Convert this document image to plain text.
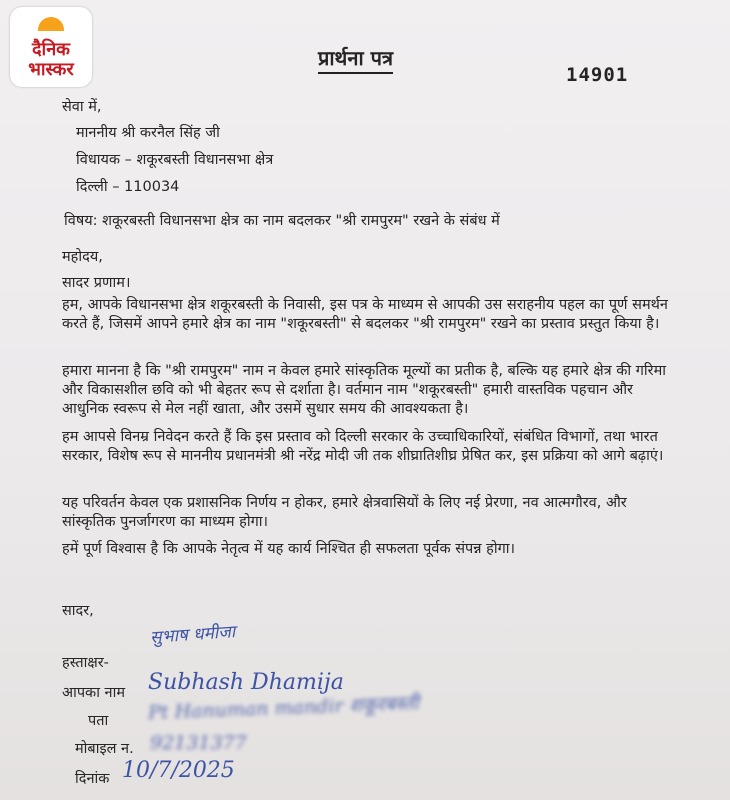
दैनिक
भास्कर	प्रार्थना पत्र
14901
सेवा में,
माननीय श्री करनैल सिंह जी
विधायक – शकूरबस्ती विधानसभा क्षेत्र
दिल्ली – 110034
विषय: शकूरबस्ती विधानसभा क्षेत्र का नाम बदलकर "श्री रामपुरम" रखने के संबंध में
महोदय,
सादर प्रणाम।
हम, आपके विधानसभा क्षेत्र शकूरबस्ती के निवासी, इस पत्र के माध्यम से आपकी उस सराहनीय पहल का पूर्ण समर्थन करते हैं, जिसमें आपने हमारे क्षेत्र का नाम "शकूरबस्ती" से बदलकर "श्री रामपुरम" रखने का प्रस्ताव प्रस्तुत किया है।
हमारा मानना है कि "श्री रामपुरम" नाम न केवल हमारे सांस्कृतिक मूल्यों का प्रतीक है, बल्कि यह हमारे क्षेत्र की गरिमा और विकासशील छवि को भी बेहतर रूप से दर्शाता है। वर्तमान नाम "शकूरबस्ती" हमारी वास्तविक पहचान और आधुनिक स्वरूप से मेल नहीं खाता, और उसमें सुधार समय की आवश्यकता है।
हम आपसे विनम्र निवेदन करते हैं कि इस प्रस्ताव को दिल्ली सरकार के उच्चाधिकारियों, संबंधित विभागों, तथा भारत सरकार, विशेष रूप से माननीय प्रधानमंत्री श्री नरेंद्र मोदी जी तक शीघ्रातिशीघ्र प्रेषित कर, इस प्रक्रिया को आगे बढ़ाएं।
यह परिवर्तन केवल एक प्रशासनिक निर्णय न होकर, हमारे क्षेत्रवासियों के लिए नई प्रेरणा, नव आत्मगौरव, और सांस्कृतिक पुनर्जागरण का माध्यम होगा।
हमें पूर्ण विश्वास है कि आपके नेतृत्व में यह कार्य निश्चित ही सफलता पूर्वक संपन्न होगा।
सादर,
हस्ताक्षर-
सुभाष धमीजा
आपका नाम Subhash Dhamija
पता Pt Hanuman mandir शकूरबस्ती
मोबाइल न. 92131377
दिनांक 10/7/2025
